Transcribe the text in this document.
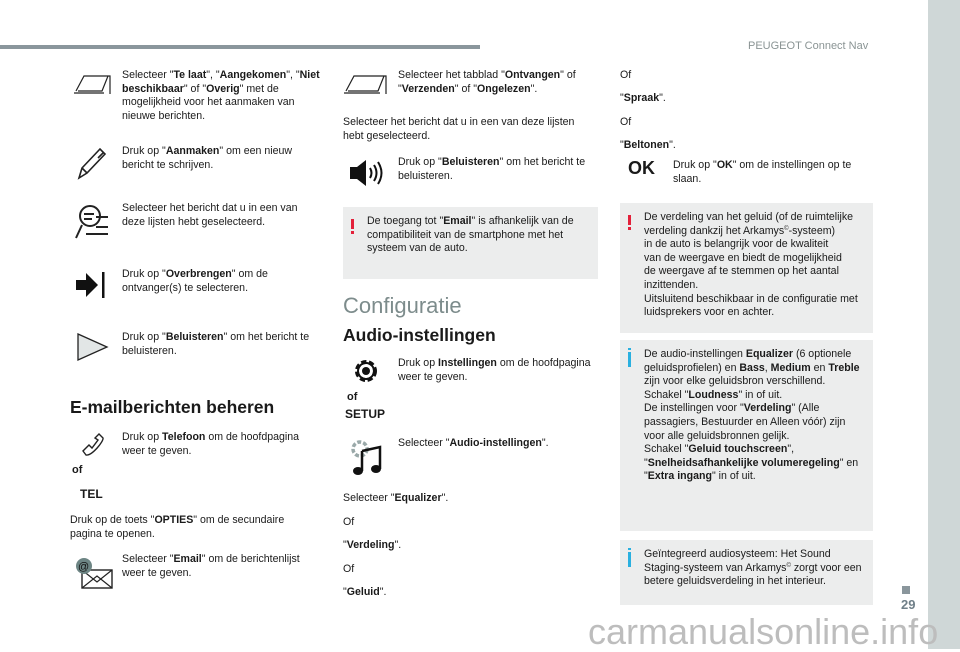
PEUGEOT Connect Nav
Selecteer "Te laat", "Aangekomen", "Niet beschikbaar" of "Overig" met de mogelijkheid voor het aanmaken van nieuwe berichten.
Druk op "Aanmaken" om een nieuw bericht te schrijven.
Selecteer het bericht dat u in een van deze lijsten hebt geselecteerd.
Druk op "Overbrengen" om de ontvanger(s) te selecteren.
Druk op "Beluisteren" om het bericht te beluisteren.
E-mailberichten beheren
Druk op Telefoon om de hoofdpagina weer te geven.
of
TEL
Druk op de toets "OPTIES" om de secundaire pagina te openen.
@
Selecteer "Email" om de berichtenlijst weer te geven.
Selecteer het tabblad "Ontvangen" of "Verzenden" of "Ongelezen".
Selecteer het bericht dat u in een van deze lijsten hebt geselecteerd.
Druk op "Beluisteren" om het bericht te beluisteren.
De toegang tot "Email" is afhankelijk van de compatibiliteit van de smartphone met het systeem van de auto.
Configuratie
Audio-instellingen
Druk op Instellingen om de hoofdpagina weer te geven.
of
SETUP
Selecteer "Audio-instellingen".
Selecteer "Equalizer".
Of
"Verdeling".
Of
"Geluid".
Of
"Spraak".
Of
"Beltonen".
OK Druk op "OK" om de instellingen op te slaan.
De verdeling van het geluid (of de ruimtelijke verdeling dankzij het Arkamys©-systeem)
in de auto is belangrijk voor de kwaliteit
van de weergave en biedt de mogelijkheid
de weergave af te stemmen op het aantal inzittenden.
Uitsluitend beschikbaar in de configuratie met luidsprekers voor en achter.
De audio-instellingen Equalizer (6 optionele geluidsprofielen) en Bass, Medium en Treble zijn voor elke geluidsbron verschillend.
Schakel "Loudness" in of uit.
De instellingen voor "Verdeling" (Alle passagiers, Bestuurder en Alleen vóór) zijn voor alle geluidsbronnen gelijk.
Schakel "Geluid touchscreen",
"Snelheidsafhankelijke volumeregeling" en "Extra ingang" in of uit.
Geïntegreerd audiosysteem: Het Sound Staging-systeem van Arkamys© zorgt voor een betere geluidsverdeling in het interieur.
29
carmanualsonline.info
